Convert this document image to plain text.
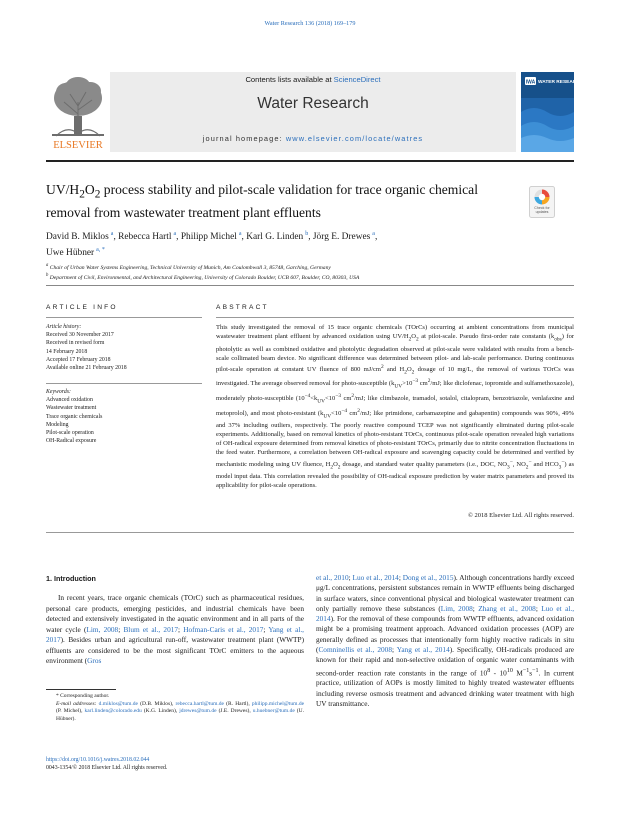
Water Research 136 (2018) 169–179
ELSEVIER
Contents lists available at ScienceDirect
Water Research
journal homepage: www.elsevier.com/locate/watres
IWA WATER RESEARCH
$UV/H_2O_2$ process stability and pilot-scale validation for trace organic chemical removal from wastewater treatment plant effluents	Check for updates
David B. Miklos $^a$, Rebecca Hartl $^a$, Philipp Michel $^a$, Karl G. Linden $^b$, Jörg E. Drewes $^a$,
Uwe Hübner $^{a, *}$
$^a$ Chair of Urban Water Systems Engineering, Technical University of Munich, Am Coulombwall 3, 85748, Garching, Germany
$^b$ Department of Civil, Environmental, and Architectural Engineering, University of Colorado Boulder, UCB 607, Boulder, CO, 80303, USA
ARTICLE INFO	ABSTRACT
Article history:
Received 30 November 2017
Received in revised form
14 February 2018
Accepted 17 February 2018
Available online 21 February 2018
Keywords:
Advanced oxidation
Wastewater treatment
Trace organic chemicals
Modeling
Pilot-scale operation
OH-Radical exposure
This study investigated the removal of 15 trace organic chemicals (TOrCs) occurring at ambient concentrations from municipal wastewater treatment plant effluent by advanced oxidation using $UV/H_2O_2$ at pilot-scale. Pseudo first-order rate constants $(k_{obs})$ for photolytic as well as combined oxidative and photolytic degradation observed at pilot-scale were validated with results from a bench-scale collimated beam device. No significant difference was determined between pilot- and lab-scale performance. During continuous pilot-scale operation at constant UV fluence of 800 $mJ/cm^2$ and $H_2O_2$ dosage of 10 mg/L, the removal of various TOrCs was investigated. The average observed removal for photo-susceptible ($k_{UV}>10^{-3}$ $cm^2/mJ$; like diclofenac, iopromide and sulfamethoxazole), moderately photo-susceptible ($10^{-4}<k_{UV}<10^{-3}$ $cm^2/mJ$; like climbazole, tramadol, sotalol, citalopram, benzotriazole, venlafaxine and metoprolol), and most photo-resistant ($k_{UV}<10^{-4}$ $cm^2/mJ$; like primidone, carbamazepine and gabapentin) compounds was 90%, 49% and 37% including outliers, respectively. The poorly reactive compound TCEP was not significantly eliminated during pilot-scale experiments. Additionally, based on removal kinetics of photo-resistant TOrCs, continuous pilot-scale operation revealed high variations of OH-radical exposure determined from removal kinetics of photo-resistant TOrCs, primarily due to nitrite concentration fluctuations in the feed water. Furthermore, a correlation between OH-radical exposure and scavenging capacity could be determined and verified by mechanistic modeling using UV fluence, $H_2O_2$ dosage, and standard water quality parameters (i.e., DOC, $NO_3^-$, $NO_2^-$ and $HCO_3^-$) as model input data. This correlation revealed the possibility of OH-radical exposure prediction by water matrix parameters and proved its applicability for pilot-scale operations.
© 2018 Elsevier Ltd. All rights reserved.
1. Introduction
In recent years, trace organic chemicals (TOrC) such as pharmaceutical residues, personal care products, emerging pesticides, and industrial chemicals have been detected and extensively investigated in the aquatic environment and in all parts of the water cycle (Lim, 2008; Blum et al., 2017; Hofman-Caris et al., 2017; Yang et al., 2017). Besides urban and agricultural run-off, wastewater treatment plant (WWTP) effluents are considered to be the most significant TOrC emitters to the aqueous environment (Gros
et al., 2010; Luo et al., 2014; Dong et al., 2015). Although concentrations hardly exceed μg/L concentrations, persistent substances remain in WWTP effluents being discharged in surface waters, since conventional physical and biological wastewater treatment can only partially remove these substances (Lim, 2008; Zhang et al., 2008; Luo et al., 2014). For the removal of these compounds from WWTP effluents, advanced oxidation might be a promising treatment approach. Advanced oxidation processes (AOP) are generally defined as processes that intentionally form highly reactive radicals in situ (Comninellis et al., 2008; Yang et al., 2014). Specifically, OH-radicals produced are known for their rapid and non-selective oxidation of organic water contaminants with second-order reaction rate constants in the range of $10^8 - 10^{10}$ $M^{-1}s^{-1}$. In current practice, utilization of AOPs is mostly limited to highly treated wastewater effluents including reverse osmosis treatment and advanced drinking water treatment with high UV transmittance.
* Corresponding author.
E-mail addresses: d.miklos@tum.de (D.B. Miklos), rebecca.hartl@tum.de (R. Hartl), philipp.michel@tum.de (P. Michel), karl.linden@colorado.edu (K.G. Linden), jdrewes@tum.de (J.E. Drewes), u.huebner@tum.de (U. Hübner).
https://doi.org/10.1016/j.watres.2018.02.044
0043-1354/© 2018 Elsevier Ltd. All rights reserved.
